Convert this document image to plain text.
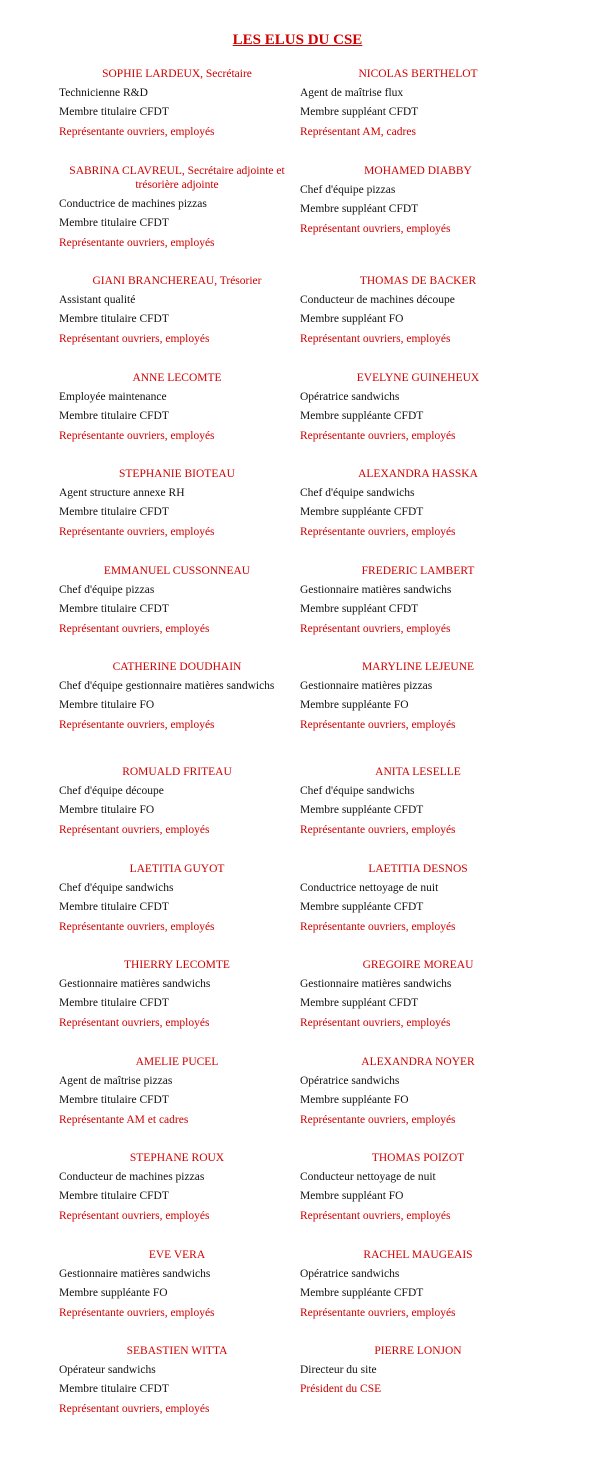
LES ELUS DU CSE
SOPHIE LARDEUX, Secrétaire
Technicienne R&D
Membre titulaire CFDT
Représentante ouvriers, employés
NICOLAS BERTHELOT
Agent de maîtrise flux
Membre suppléant CFDT
Représentant AM, cadres
SABRINA CLAVREUL, Secrétaire adjointe et trésorière adjointe
Conductrice de machines pizzas
Membre titulaire CFDT
Représentante ouvriers, employés
MOHAMED DIABBY
Chef d'équipe pizzas
Membre suppléant CFDT
Représentant ouvriers, employés
GIANI BRANCHEREAU, Trésorier
Assistant qualité
Membre titulaire CFDT
Représentant ouvriers, employés
THOMAS DE BACKER
Conducteur de machines découpe
Membre suppléant FO
Représentant ouvriers, employés
ANNE LECOMTE
Employée maintenance
Membre titulaire CFDT
Représentante ouvriers, employés
EVELYNE GUINEHEUX
Opératrice sandwichs
Membre suppléante CFDT
Représentante ouvriers, employés
STEPHANIE BIOTEAU
Agent structure annexe RH
Membre titulaire CFDT
Représentante ouvriers, employés
ALEXANDRA HASSKA
Chef d'équipe sandwichs
Membre suppléante CFDT
Représentante ouvriers, employés
EMMANUEL CUSSONNEAU
Chef d'équipe pizzas
Membre titulaire CFDT
Représentant ouvriers, employés
FREDERIC LAMBERT
Gestionnaire matières sandwichs
Membre suppléant CFDT
Représentant ouvriers, employés
CATHERINE DOUDHAIN
Chef d'équipe gestionnaire matières sandwichs
Membre titulaire FO
Représentante ouvriers, employés
MARYLINE LEJEUNE
Gestionnaire matières pizzas
Membre suppléante FO
Représentante ouvriers, employés
ROMUALD FRITEAU
Chef d'équipe découpe
Membre titulaire FO
Représentant ouvriers, employés
ANITA LESELLE
Chef d'équipe sandwichs
Membre suppléante CFDT
Représentante ouvriers, employés
LAETITIA GUYOT
Chef d'équipe sandwichs
Membre titulaire CFDT
Représentante ouvriers, employés
LAETITIA DESNOS
Conductrice nettoyage de nuit
Membre suppléante CFDT
Représentante ouvriers, employés
THIERRY LECOMTE
Gestionnaire matières sandwichs
Membre titulaire CFDT
Représentant ouvriers, employés
GREGOIRE MOREAU
Gestionnaire matières sandwichs
Membre suppléant CFDT
Représentant ouvriers, employés
AMELIE PUCEL
Agent de maîtrise pizzas
Membre titulaire CFDT
Représentante AM et cadres
ALEXANDRA NOYER
Opératrice sandwichs
Membre suppléante FO
Représentante ouvriers, employés
STEPHANE ROUX
Conducteur de machines pizzas
Membre titulaire CFDT
Représentant ouvriers, employés
THOMAS POIZOT
Conducteur nettoyage de nuit
Membre suppléant FO
Représentant ouvriers, employés
EVE VERA
Gestionnaire matières sandwichs
Membre suppléante FO
Représentante ouvriers, employés
RACHEL MAUGEAIS
Opératrice sandwichs
Membre suppléante CFDT
Représentante ouvriers, employés
SEBASTIEN WITTA
Opérateur sandwichs
Membre titulaire CFDT
Représentant ouvriers, employés
PIERRE LONJON
Directeur du site
Président du CSE
